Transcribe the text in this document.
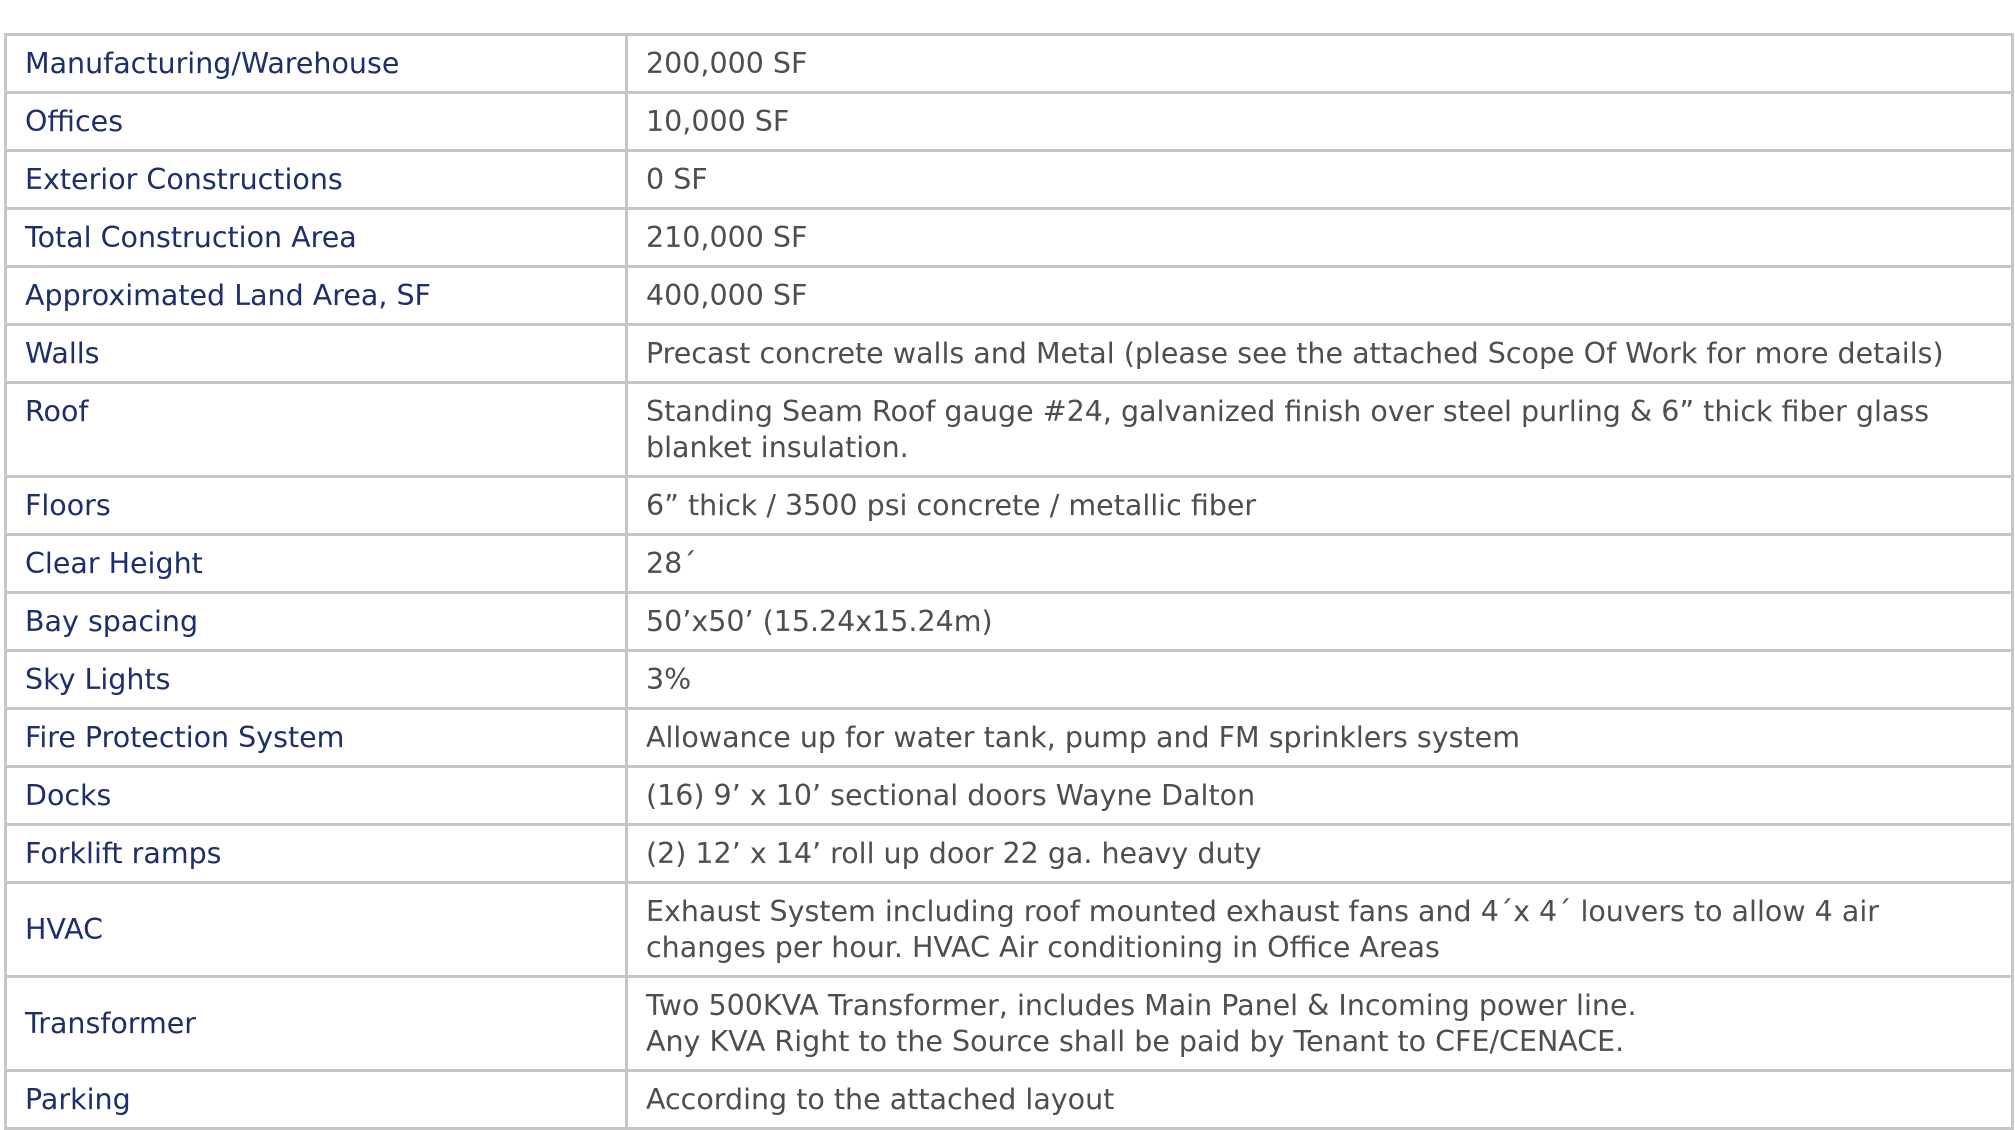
Manufacturing/Warehouse	200,000 SF
Offices	10,000 SF
Exterior Constructions	0 SF
Total Construction Area	210,000 SF
Approximated Land Area, SF	400,000 SF
Walls	Precast concrete walls and Metal (please see the attached Scope Of Work for more details)
Roof	Standing Seam Roof gauge #24, galvanized finish over steel purling & 6” thick fiber glass
blanket insulation.

Floors	6” thick / 3500 psi concrete / metallic fiber
Clear Height	28´
Bay spacing	50’x50’ (15.24x15.24m)
Sky Lights	3%
Fire Protection System	Allowance up for water tank, pump and FM sprinklers system
Docks	(16) 9’ x 10’ sectional doors Wayne Dalton
Forklift ramps	(2) 12’ x 14’ roll up door 22 ga. heavy duty
HVAC	Exhaust System including roof mounted exhaust fans and 4´x 4´ louvers to allow 4 air
changes per hour. HVAC Air conditioning in Office Areas

Transformer	Two 500KVA Transformer, includes Main Panel & Incoming power line.
Any KVA Right to the Source shall be paid by Tenant to CFE/CENACE.

Parking	According to the attached layout
